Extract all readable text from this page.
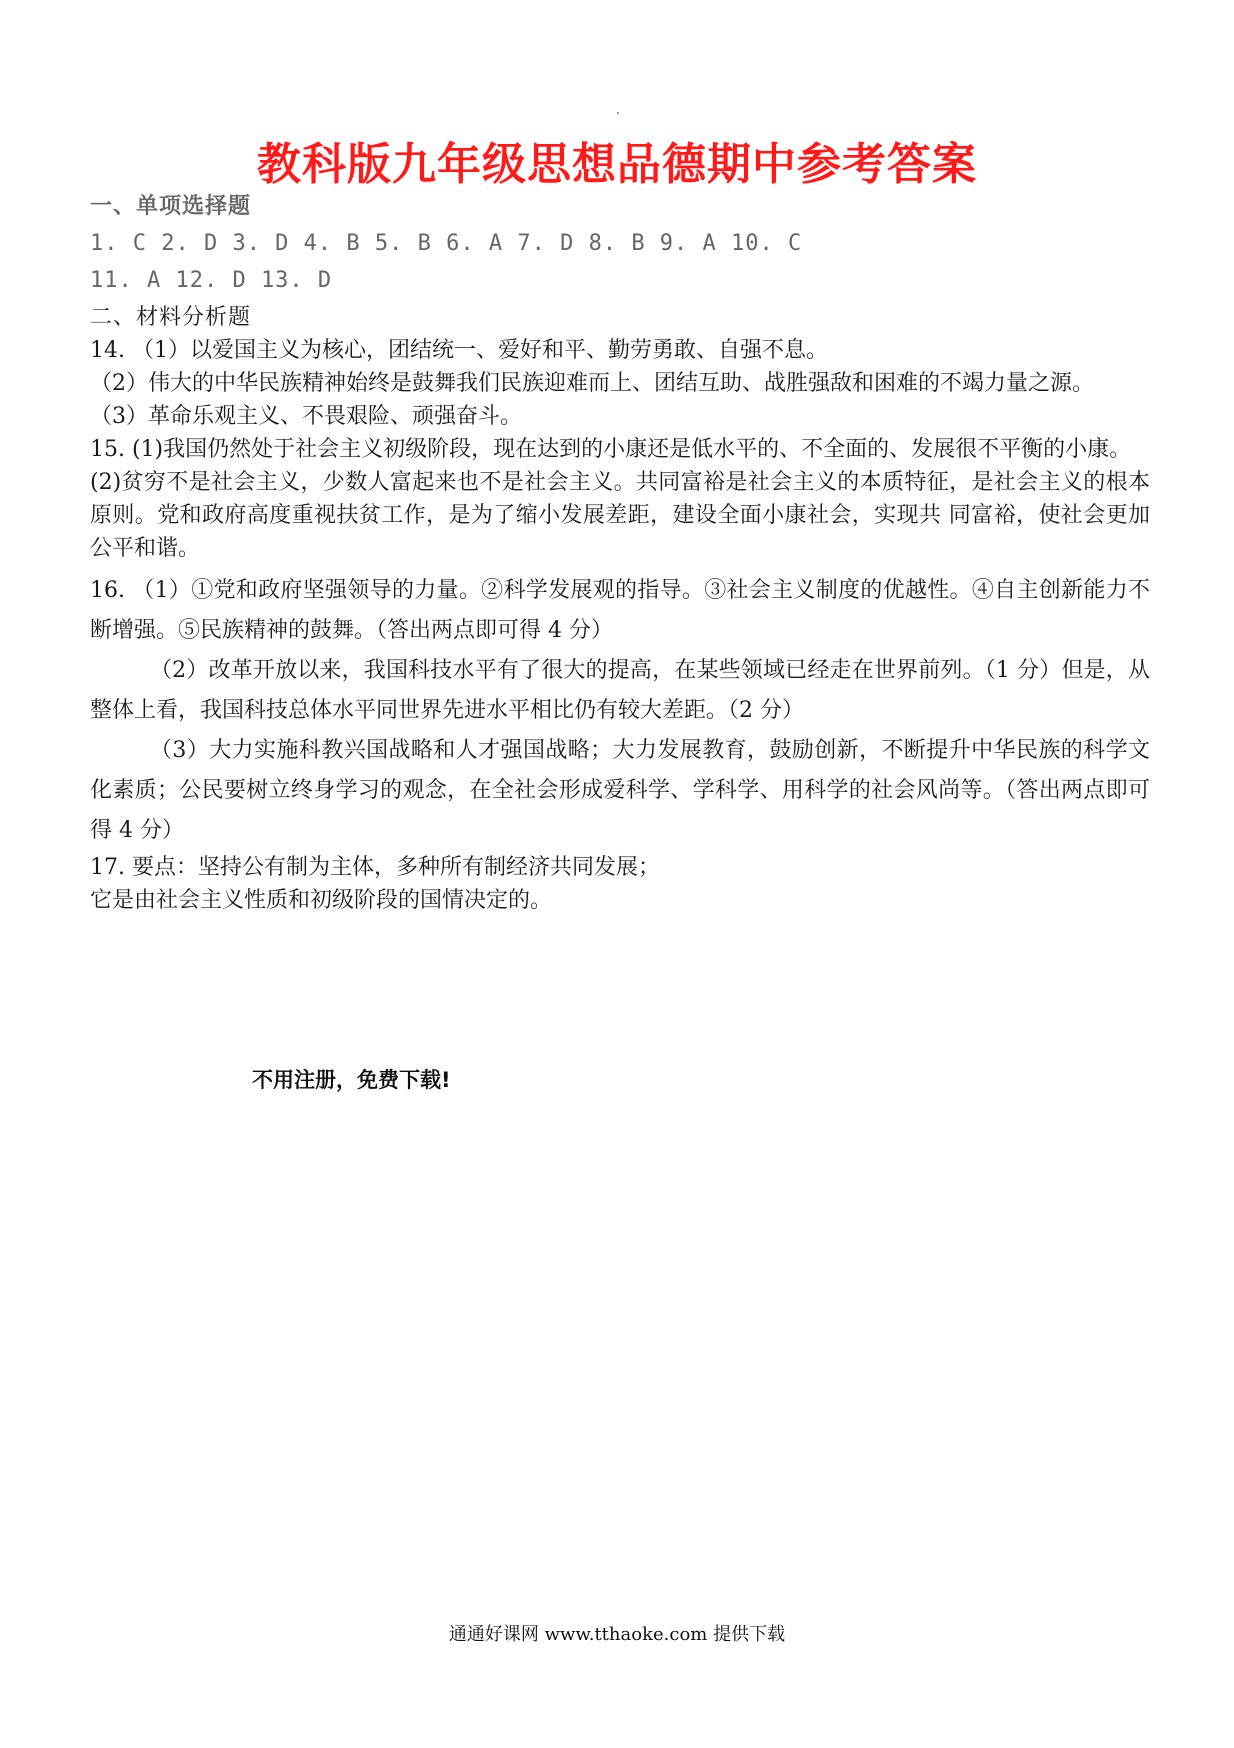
教科版九年级思想品德期中参考答案
一、单项选择题
1. C 2. D 3. D 4. B 5. B 6. A 7. D 8. B 9. A 10. C
11. A 12. D 13. D
二、材料分析题
14. （1）以爱国主义为核心，团结统一、爱好和平、勤劳勇敢、自强不息。
（2）伟大的中华民族精神始终是鼓舞我们民族迎难而上、团结互助、战胜强敌和困难的不竭力量之源。
（3）革命乐观主义、不畏艰险、顽强奋斗。
15. (1)我国仍然处于社会主义初级阶段，现在达到的小康还是低水平的、不全面的、发展很不平衡的小康。
(2)贫穷不是社会主义，少数人富起来也不是社会主义。共同富裕是社会主义的本质特征，是社会主义的根本原则。党和政府高度重视扶贫工作，是为了缩小发展差距，建设全面小康社会，实现共 同富裕，使社会更加公平和谐。
16. （1）①党和政府坚强领导的力量。②科学发展观的指导。③社会主义制度的优越性。④自主创新能力不断增强。⑤民族精神的鼓舞。（答出两点即可得 4 分）
（2）改革开放以来，我国科技水平有了很大的提高，在某些领域已经走在世界前列。（1 分）但是，从整体上看，我国科技总体水平同世界先进水平相比仍有较大差距。（2 分）
（3）大力实施科教兴国战略和人才强国战略；大力发展教育，鼓励创新，不断提升中华民族的科学文化素质；公民要树立终身学习的观念，在全社会形成爱科学、学科学、用科学的社会风尚等。（答出两点即可得 4 分）
17. 要点：坚持公有制为主体，多种所有制经济共同发展；
它是由社会主义性质和初级阶段的国情决定的。
不用注册，免费下载!
通通好课网 www.tthaoke.com 提供下载
